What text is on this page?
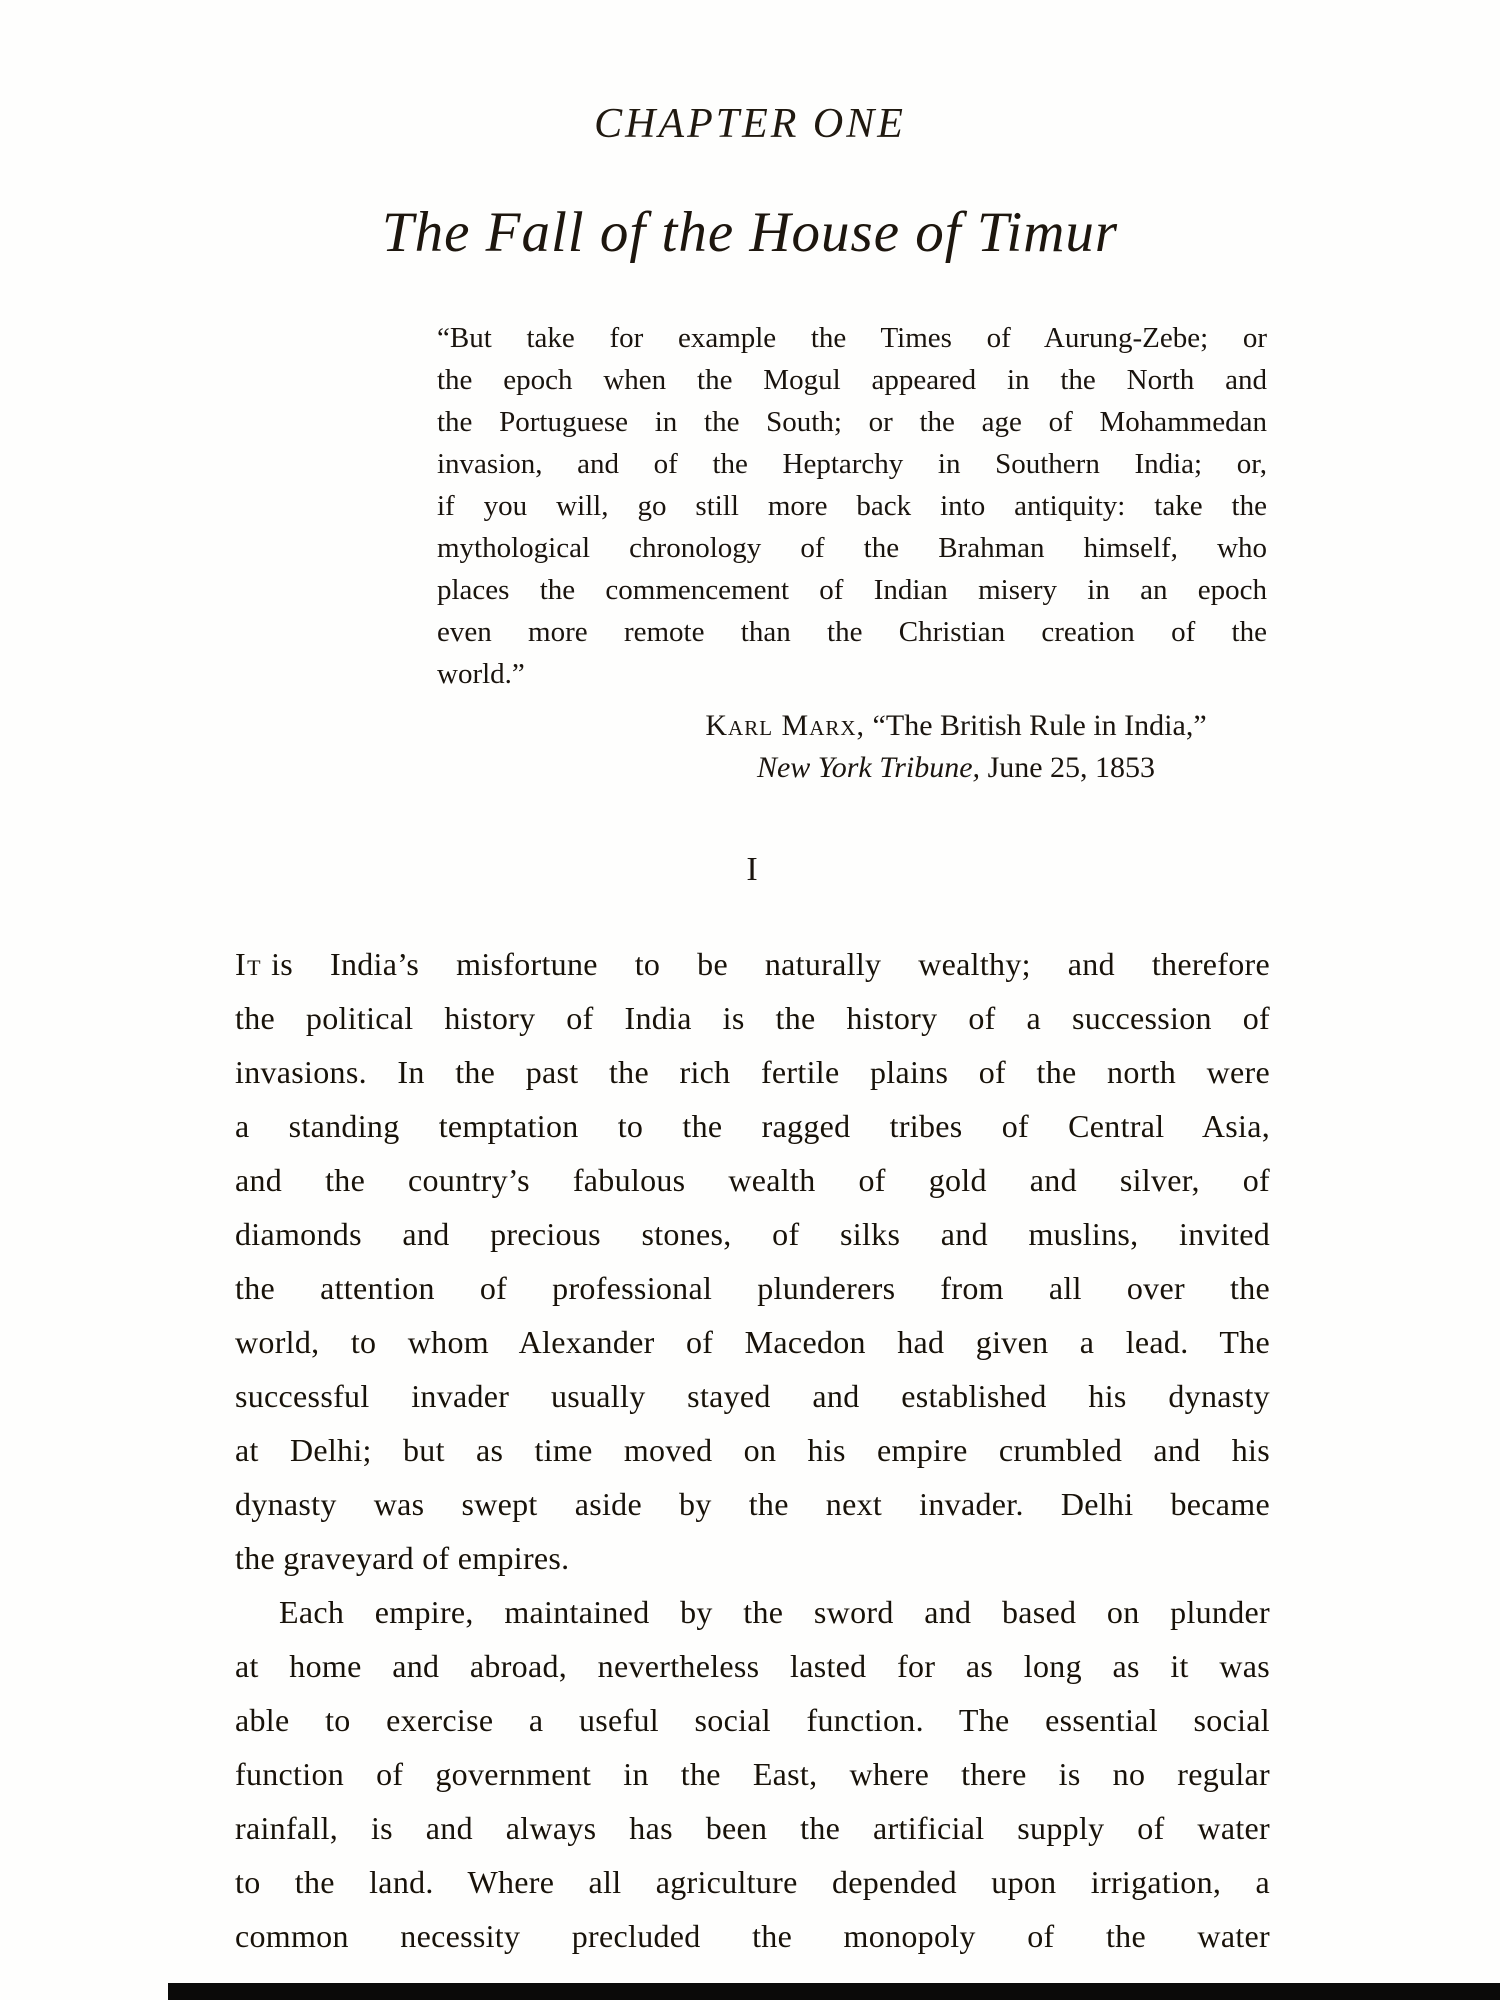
CHAPTER ONE
The Fall of the House of Timur
“But take for example the Times of Aurung-Zebe; or
the epoch when the Mogul appeared in the North and
the Portuguese in the South; or the age of Mohammedan
invasion, and of the Heptarchy in Southern India; or,
if you will, go still more back into antiquity: take the
mythological chronology of the Brahman himself, who
places the commencement of Indian misery in an epoch
even more remote than the Christian creation of the
world.”
Karl Marx, “The British Rule in India,”
New York Tribune, June 25, 1853
I
It is India’s misfortune to be naturally wealthy; and therefore
the political history of India is the history of a succession of
invasions. In the past the rich fertile plains of the north were
a standing temptation to the ragged tribes of Central Asia,
and the country’s fabulous wealth of gold and silver, of
diamonds and precious stones, of silks and muslins, invited
the attention of professional plunderers from all over the
world, to whom Alexander of Macedon had given a lead. The
successful invader usually stayed and established his dynasty
at Delhi; but as time moved on his empire crumbled and his
dynasty was swept aside by the next invader. Delhi became
the graveyard of empires.
Each empire, maintained by the sword and based on plunder
at home and abroad, nevertheless lasted for as long as it was
able to exercise a useful social function. The essential social
function of government in the East, where there is no regular
rainfall, is and always has been the artificial supply of water
to the land. Where all agriculture depended upon irrigation, a
common necessity precluded the monopoly of the water
